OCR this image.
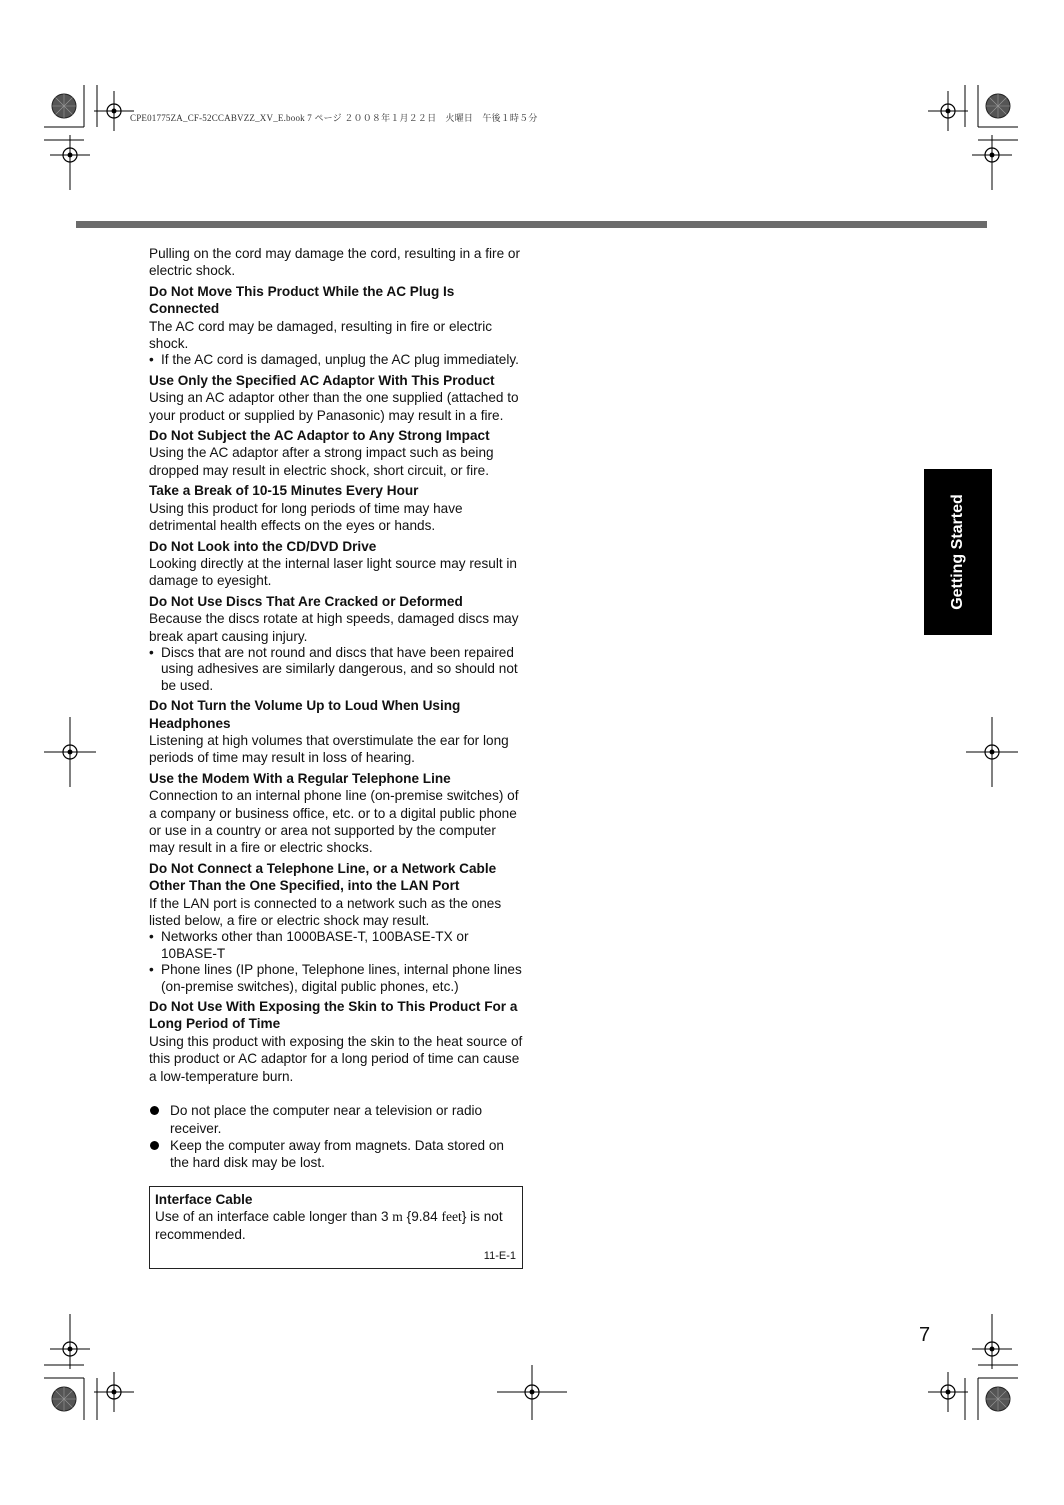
CPE01775ZA_CF-52CCABVZZ_XV_E.book 7 ページ ２００８年１月２２日　火曜日　午後１時５分

Pulling on the cord may damage the cord, resulting in a fire or electric shock.

Do Not Move This Product While the AC Plug Is Connected

The AC cord may be damaged, resulting in fire or electric shock.

• If the AC cord is damaged, unplug the AC plug immediately.
Use Only the Specified AC Adaptor With This Product

Using an AC adaptor other than the one supplied (attached to your product or supplied by Panasonic) may result in a fire.

Do Not Subject the AC Adaptor to Any Strong Impact

Using the AC adaptor after a strong impact such as being dropped may result in electric shock, short circuit, or fire.

Take a Break of 10-15 Minutes Every Hour

Using this product for long periods of time may have detrimental health effects on the eyes or hands.

Do Not Look into the CD/DVD Drive

Looking directly at the internal laser light source may result in damage to eyesight.

Do Not Use Discs That Are Cracked or Deformed

Because the discs rotate at high speeds, damaged discs may break apart causing injury.

• Discs that are not round and discs that have been repaired using adhesives are similarly dangerous, and so should not be used.
Do Not Turn the Volume Up to Loud When Using Headphones

Listening at high volumes that overstimulate the ear for long periods of time may result in loss of hearing.

Use the Modem With a Regular Telephone Line

Connection to an internal phone line (on-premise switches) of a company or business office, etc. or to a digital public phone or use in a country or area not supported by the computer may result in a fire or electric shocks.

Do Not Connect a Telephone Line, or a Network Cable Other Than the One Specified, into the LAN Port

If the LAN port is connected to a network such as the ones listed below, a fire or electric shock may result.

• Networks other than 1000BASE-T, 100BASE-TX or 10BASE-T
• Phone lines (IP phone, Telephone lines, internal phone lines (on-premise switches), digital public phones, etc.)
Do Not Use With Exposing the Skin to This Product For a Long Period of Time

Using this product with exposing the skin to the heat source of this product or AC adaptor for a long period of time can cause a low-temperature burn.

Do not place the computer near a television or radio receiver.
Keep the computer away from magnets. Data stored on the hard disk may be lost.
Interface Cable

Use of an interface cable longer than 3 m {9.84 feet} is not recommended.

11-E-1
Getting Started
7
